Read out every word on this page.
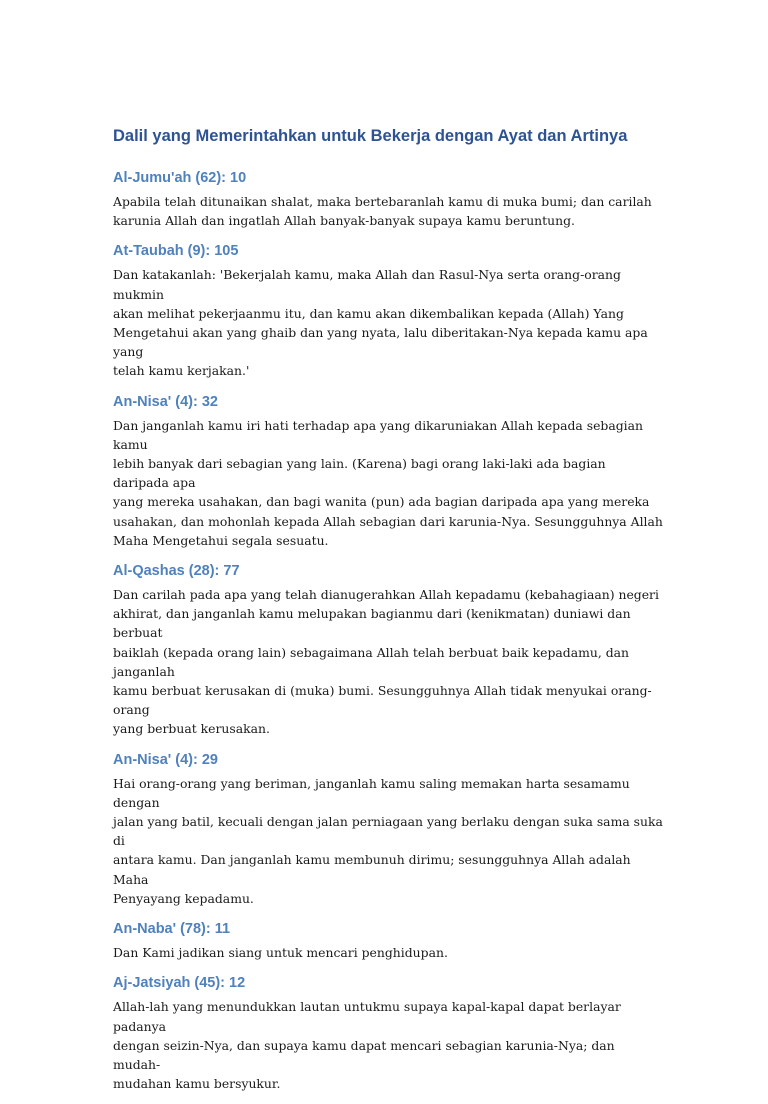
Dalil yang Memerintahkan untuk Bekerja dengan Ayat dan Artinya
Al-Jumu'ah (62): 10

Apabila telah ditunaikan shalat, maka bertebaranlah kamu di muka bumi; dan carilah
karunia Allah dan ingatlah Allah banyak-banyak supaya kamu beruntung.

At-Taubah (9): 105

Dan katakanlah: 'Bekerjalah kamu, maka Allah dan Rasul-Nya serta orang-orang mukmin
akan melihat pekerjaanmu itu, dan kamu akan dikembalikan kepada (Allah) Yang
Mengetahui akan yang ghaib dan yang nyata, lalu diberitakan-Nya kepada kamu apa yang
telah kamu kerjakan.'

An-Nisa' (4): 32

Dan janganlah kamu iri hati terhadap apa yang dikaruniakan Allah kepada sebagian kamu
lebih banyak dari sebagian yang lain. (Karena) bagi orang laki-laki ada bagian daripada apa
yang mereka usahakan, dan bagi wanita (pun) ada bagian daripada apa yang mereka
usahakan, dan mohonlah kepada Allah sebagian dari karunia-Nya. Sesungguhnya Allah
Maha Mengetahui segala sesuatu.

Al-Qashas (28): 77

Dan carilah pada apa yang telah dianugerahkan Allah kepadamu (kebahagiaan) negeri
akhirat, dan janganlah kamu melupakan bagianmu dari (kenikmatan) duniawi dan berbuat
baiklah (kepada orang lain) sebagaimana Allah telah berbuat baik kepadamu, dan janganlah
kamu berbuat kerusakan di (muka) bumi. Sesungguhnya Allah tidak menyukai orang-orang
yang berbuat kerusakan.

An-Nisa' (4): 29

Hai orang-orang yang beriman, janganlah kamu saling memakan harta sesamamu dengan
jalan yang batil, kecuali dengan jalan perniagaan yang berlaku dengan suka sama suka di
antara kamu. Dan janganlah kamu membunuh dirimu; sesungguhnya Allah adalah Maha
Penyayang kepadamu.

An-Naba' (78): 11

Dan Kami jadikan siang untuk mencari penghidupan.

Aj-Jatsiyah (45): 12

Allah-lah yang menundukkan lautan untukmu supaya kapal-kapal dapat berlayar padanya
dengan seizin-Nya, dan supaya kamu dapat mencari sebagian karunia-Nya; dan mudah-
mudahan kamu bersyukur.
